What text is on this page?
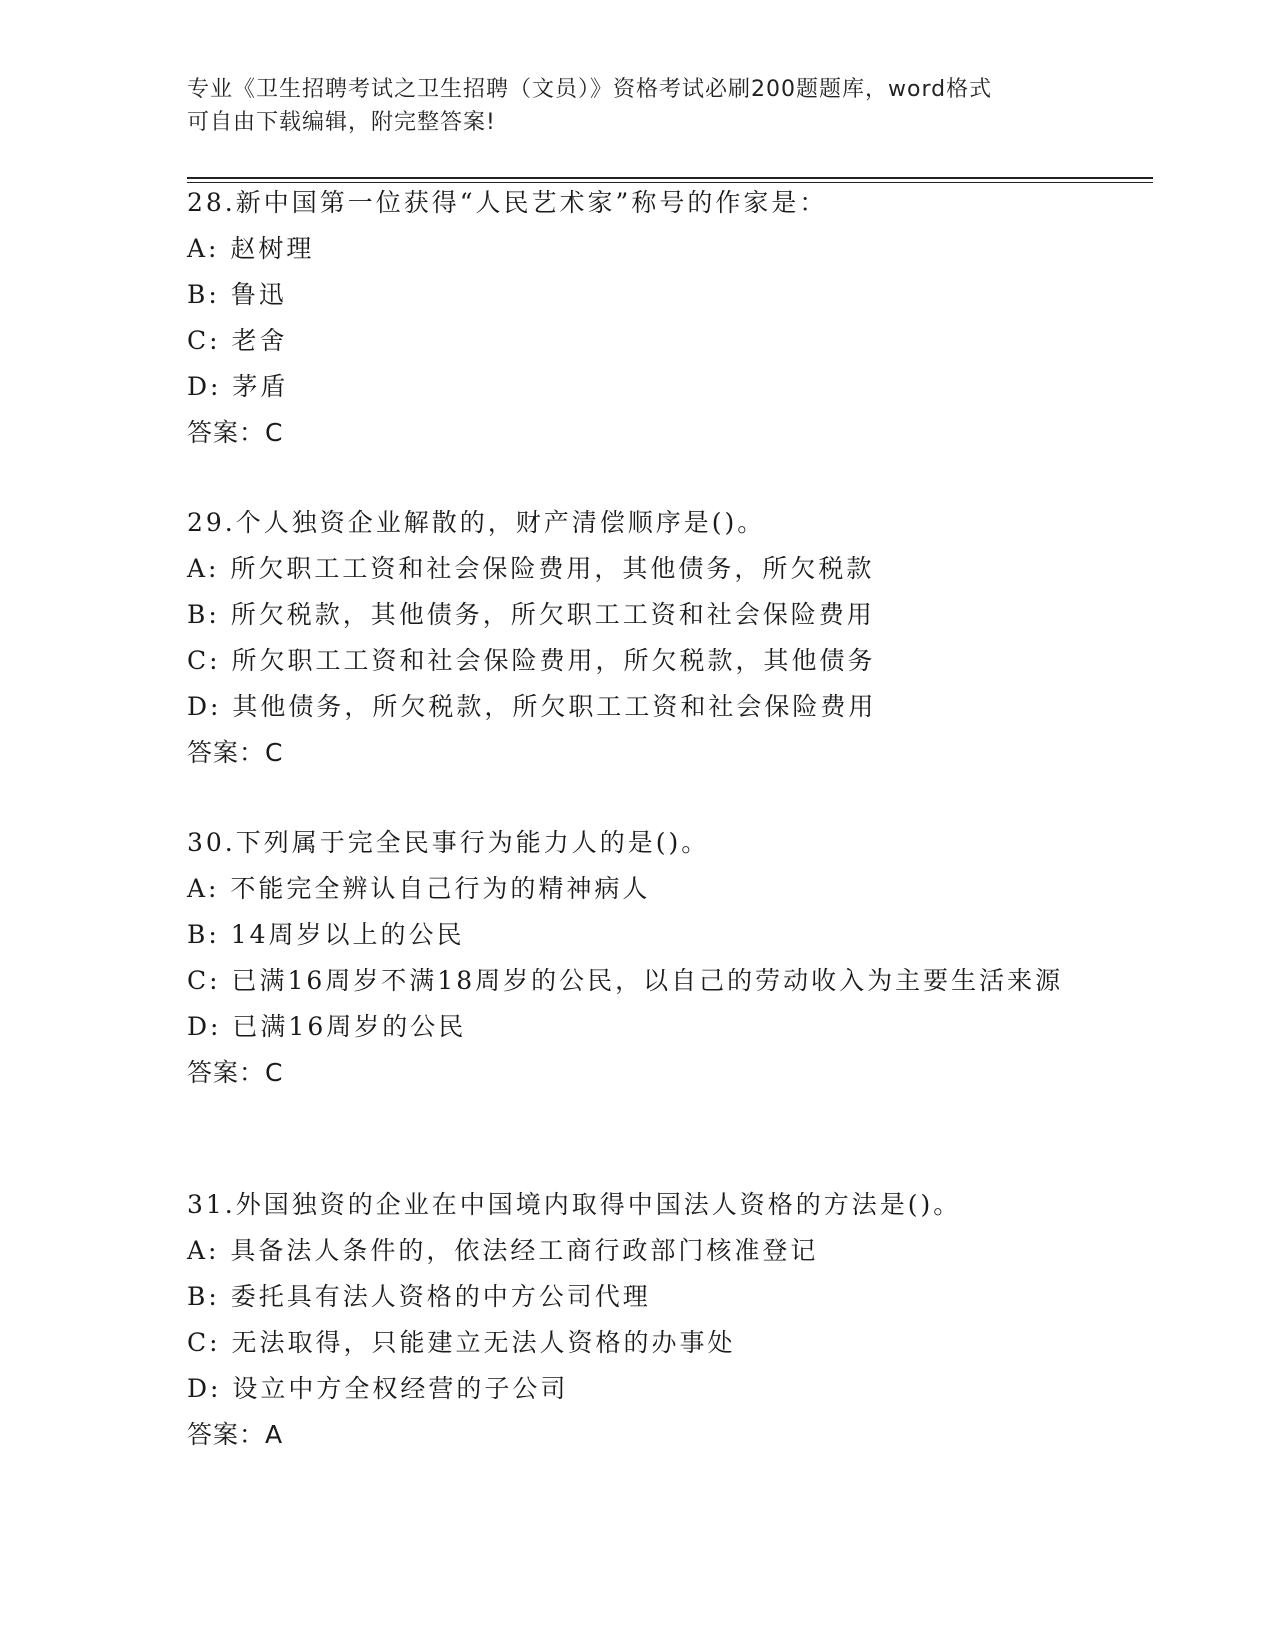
专业《卫生招聘考试之卫生招聘（文员）》资格考试必刷200题题库，word格式
可自由下载编辑，附完整答案!
28.新中国第一位获得“人民艺术家”称号的作家是：
A: 赵树理
B: 鲁迅
C: 老舍
D: 茅盾
答案：C
29.个人独资企业解散的，财产清偿顺序是()。
A: 所欠职工工资和社会保险费用，其他债务，所欠税款
B: 所欠税款，其他债务，所欠职工工资和社会保险费用
C: 所欠职工工资和社会保险费用，所欠税款，其他债务
D: 其他债务，所欠税款，所欠职工工资和社会保险费用
答案：C
30.下列属于完全民事行为能力人的是()。
A: 不能完全辨认自己行为的精神病人
B: 14周岁以上的公民
C: 已满16周岁不满18周岁的公民，以自己的劳动收入为主要生活来源
D: 已满16周岁的公民
答案：C
31.外国独资的企业在中国境内取得中国法人资格的方法是()。
A: 具备法人条件的，依法经工商行政部门核准登记
B: 委托具有法人资格的中方公司代理
C: 无法取得，只能建立无法人资格的办事处
D: 设立中方全权经营的子公司
答案：A
